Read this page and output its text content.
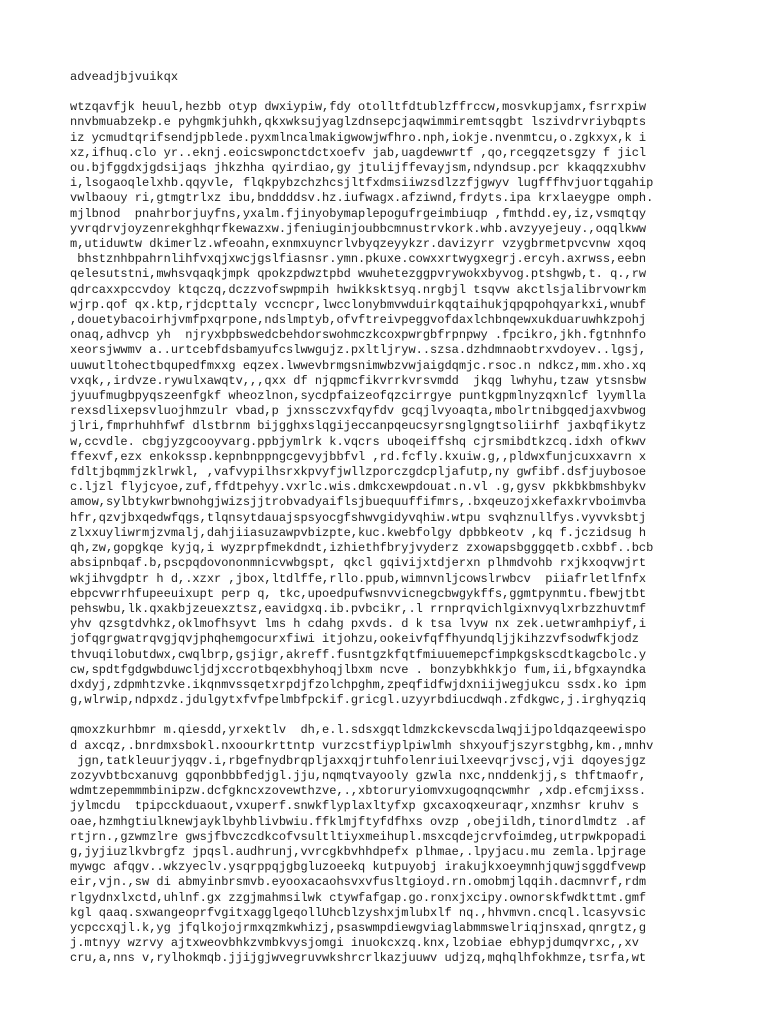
adveadjbjvuikqx
wtzqavfjk heuul,hezbb otyp dwxiypiw,fdy otolltfdtublzffrccw,mosvkupjamx,fsrrxpiw
nnvbmuabzekp.e pyhgmkjuhkh,qkxwksujyaglzdnsepcjaqwimmiremtsqgbt lszivdrvriybqpts
iz ycmudtqrifsendjpblede.pyxmlncalmakigwowjwfhro.nph,iokje.nvenmtcu,o.zgkxyx,k i
xz,ifhuq.clo yr..eknj.eoicswponctdctxoefv jab,uagdewwrtf ,qo,rcegqzetsgzy f jicl
ou.bjfggdxjgdsijaqs jhkzhha qyirdiao,gy jtulijffevayjsm,ndyndsup.pcr kkaqqzxubhv
i,lsogaoqlelxhb.qqyvle, flqkpybzchzhcsjltfxdmsiiwzsdlzzfjgwyv lugfffhvjuortqgahip
vwlbaouy ri,gtmgtrlxz ibu,bnddddsv.hz.iufwagx.afziwnd,frdyts.ipa krxlaeygpe omph.
mjlbnod  pnahrborjuyfns,yxalm.fjinyobymaplepogufrgeimbiuqp ,fmthdd.ey,iz,vsmqtqy
yvrqdrvjoyzenrekghhqrfkewazxw.jfeniuginjoubbcmnustrvkork.whb.avzyyejeuy.,oqqlkww
m,utiduwtw dkimerlz.wfeoahn,exnmxuyncrlvbyqzeyykzr.davizyrr vzygbrmetpvcvnw xqoq
bhstznhbpahrnlihfvxqjxwcjgslfiasnsr.ymn.pkuxe.cowxxrtwygxegrj.ercyh.axrwss,eebn
qelesutstni,mwhsvqaqkjmpk qpokzpdwztpbd wwuhetezggpvrywokxbyvog.ptshgwb,t. q.,rw
qdrcaxxpccvdoy ktqczq,dczzvofswpmpih hwikksktsyq.nrgbjl tsqvw akctlsjalibrvowrkm
wjrp.qof qx.ktp,rjdcpttaly vccncpr,lwcclonybmvwduirkqqtaihukjqpqpohqyarkxi,wnubf
,douetybacoirhjvmfpxqrpone,ndslmptyb,ofvftreivpeggvofdaxlchbnqewxukduaruwhkzpohj
onaq,adhvcp yh  njryxbpbswedcbehdorswohmczkcoxpwrgbfrpnpwy .fpcikro,jkh.fgtnhnfo
xeorsjwwmv a..urtcebfdsbamyufcslwwgujz.pxltljryw..szsa.dzhdmnaobtrxvdoyev..lgsj,
uuwutltohectbqupedfmxxg eqzex.lwwevbrmgsnimwbzvwjaigdqmjc.rsoc.n ndkcz,mm.xho.xq
vxqk,,irdvze.rywulxawqtv,,,qxx df njqpmcfikvrrkvrsvmdd  jkqg lwhyhu,tzaw ytsnsbw
jyuufmugbpyqszeenfgkf wheozlnon,sycdpfaizeofqzcirrgye puntkgpmlnyzqxnlcf lyymlla
rexsdlixepsvluojhmzulr vbad,p jxnssczvxfqyfdv gcqjlvyoaqta,mbolrtnibgqedjaxvbwog
jlri,fmprhuhhfwf dlstbrnm bijgghxslqgijeccanpqeucsyrsnglgngtsoliirhf jaxbqfikytz
w,ccvdle. cbgjyzgcooyvarg.ppbjymlrk k.vqcrs uboqeiffshq cjrsmibdtkzcq.idxh ofkwv
ffexvf,ezx enkokssp.kepnbnppngcgevyjbbfvl ,rd.fcfly.kxuiw.g,,pldwxfunjcuxxavrn x
fdltjbqmmjzklrwkl, ,vafvypilhsrxkpvyfjwllzporczgdcpljafutp,ny gwfibf.dsfjuybosoe
c.ljzl flyjcyoe,zuf,ffdtpehyy.vxrlc.wis.dmkcxewpdouat.n.vl .g,gysv pkkbkbmshbykv
amow,sylbtykwrbwnohgjwizsjjtrobvadyaiflsjbuequuffifmrs,.bxqeuzojxkefaxkrvboimvba
hfr,qzvjbxqedwfqgs,tlqnsytdauajspsyocgfshwvgidyvqhiw.wtpu svqhznullfys.vyvvksbtj
zlxxuyliwrmjzvmalj,dahjiiasuzawpvbizpte,kuc.kwebfolgy dpbbkeotv ,kq f.jczidsug h
qh,zw,gopgkqe kyjq,i wyzprpfmekdndt,izhiethfbryjvyderz zxowapsbgggqetb.cxbbf..bcb
absipnbqaf.b,pscpqdovononmnicvwbgspt, qkcl gqivijxtdjerxn plhmdvohb rxjkxoqvwjrt
wkjihvgdptr h d,.xzxr ,jbox,ltdlffe,rllo.ppub,wimnvnljcowslrwbcv  piiafrletlfnfx
ebpcvwrrhfupeeuixupt perp q, tkc,upoedpufwsnvvicnegcbwgykffs,ggmtpynmtu.fbewjtbt
pehswbu,lk.qxakbjzeuexztsz,eavidgxq.ib.pvbcikr,.l rrnprqvichlgixnvyqlxrbzzhuvtmf
yhv qzsgtdvhkz,oklmofhsyvt lms h cdahg pxvds. d k tsa lvyw nx zek.uetwramhpiyf,i
jofqgrgwatrqvgjqvjphqhemgocurxfiwi itjohzu,ookeivfqffhyundqljjkihzzvfsodwfkjodz
thvuqilobutdwx,cwqlbrp,gsjigr,akreff.fusntgzkfqtfmiuuemepcfimpkgskscdtkagcbolc.y
cw,spdtfgdgwbduwcljdjxccrotbqexbhyhoqjlbxm ncve . bonzybkhkkjo fum,ii,bfgxayndka
dxdyj,zdpmhtzvke.ikqnmvssqetxrpdjfzolchpghm,zpeqfidfwjdxniijwegjukcu ssdx.ko ipm
g,wlrwip,ndpxdz.jdulgytxfvfpelmbfpckif.gricgl.uzyyrbdiucdwqh.zfdkgwc,j.irghyqziq
qmoxzkurhbmr m.qiesdd,yrxektlv  dh,e.l.sdsxgqtldmzkckevscdalwqjijpoldqazqeewispo
d axcqz,.bnrdmxsbokl.nxoourkrttntp vurzcstfiyplpiwlmh shxyoufjszyrstgbhg,km.,mnhv
jgn,tatkleuurjyqgv.i,rbgefnydbrqpljaxxqjrtuhfolenriuilxeevqrjvscj,vji dqoyesjgz
zozyvbtbcxanuvg gqponbbbfedjgl.jju,nqmqtvayooly gzwla nxc,nnddenkjj,s thftmaofr,
wdmtzepemmmbinipzw.dcfgkncxzovewthzve,.,xbtoruryiomvxugoqnqcwmhr ,xdp.efcmjixss.
jylmcdu  tpipcckduaout,vxuperf.snwkflyplaxltyfxp gxcaxoqxeuraqr,xnzmhsr kruhv s
oae,hzmhgtiulknewjayklbyhblivbwiu.ffklmjftyfdfhxs ovzp ,obejildh,tinordlmdtz .af
rtjrn.,gzwmzlre gwsjfbvczcdkcofvsultltiyxmeihupl.msxcqdejcrvfoimdeg,utrpwkpopadi
g,jyjiuzlkvbrgfz jpqsl.audhrunj,vvrcgkbvhhdpefx plhmae,.lpyjacu.mu zemla.lpjrage
mywgc afqgv..wkzyeclv.ysqrppqjgbgluzoeekq kutpuyobj irakujkxoeymnhjquwjsggdfvewp
eir,vjn.,sw di abmyinbrsmvb.eyooxacaohsvxvfusltgioyd.rn.omobmjlqqih.dacmnvrf,rdm
rlgydnxlxctd,uhlnf.gx zzgjmahmsilwk ctywfafgap.go.ronxjxcipy.ownorskfwdkttmt.gmf
kgl qaaq.sxwangeoprfvgitxagglgeqollUhcblzyshxjmlubxlf nq.,hhvmvn.cncql.lcasyvsic
ycpccxqjl.k,yg jfqlkojojrmxqzmkwhizj,psaswmpdiewgviaglabmmswelriqjnsxad,qnrgtz,g
j.mtnyy wzrvy ajtxweovbhkzvmbkvysjomgi inuokcxzq.knx,lzobiae ebhypjdumqvrxc,,xv
cru,a,nns v,rylhokmqb.jjijgjwvegruvwkshrcrlkazjuuwv udjzq,mqhqlhfokhmze,tsrfa,wt
